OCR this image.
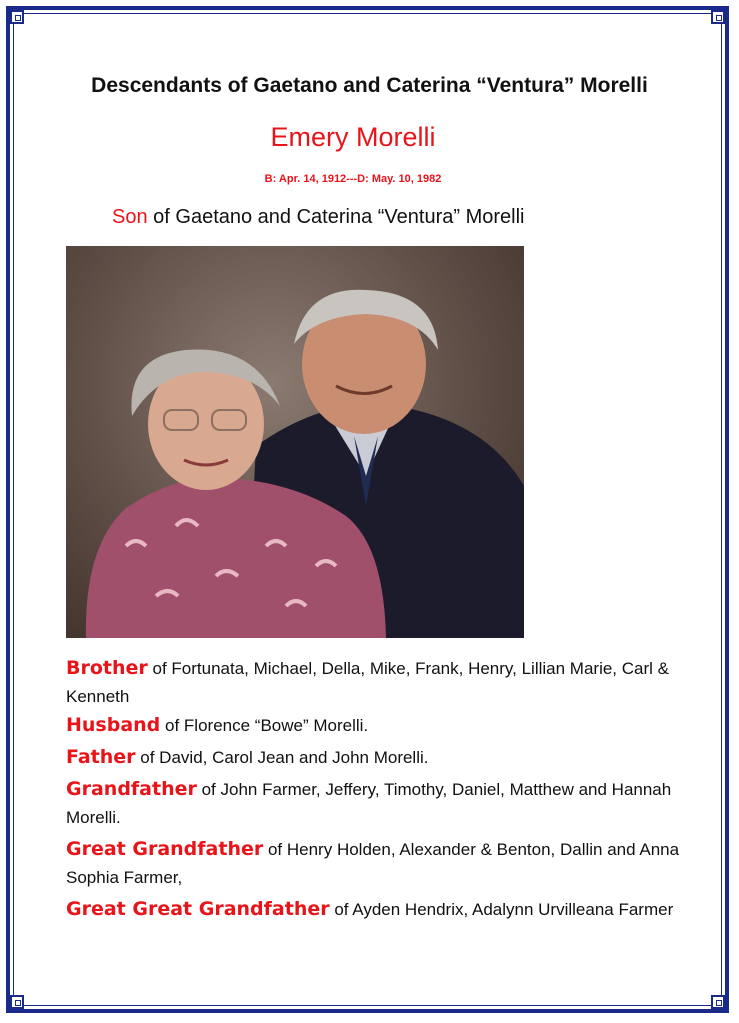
Descendants of Gaetano and Caterina “Ventura” Morelli
Emery Morelli
B: Apr. 14, 1912---D: May. 10, 1982
Son of Gaetano and Caterina “Ventura” Morelli

Brother of Fortunata, Michael, Della, Mike, Frank, Henry, Lillian Marie, Carl & Kenneth

Husband of Florence “Bowe” Morelli.

Father of David, Carol Jean and John Morelli.

Grandfather of John Farmer, Jeffery, Timothy, Daniel, Matthew and Hannah Morelli.

Great Grandfather of Henry Holden, Alexander & Benton, Dallin and Anna Sophia Farmer,

Great Great Grandfather of Ayden Hendrix, Adalynn Urvilleana Farmer
